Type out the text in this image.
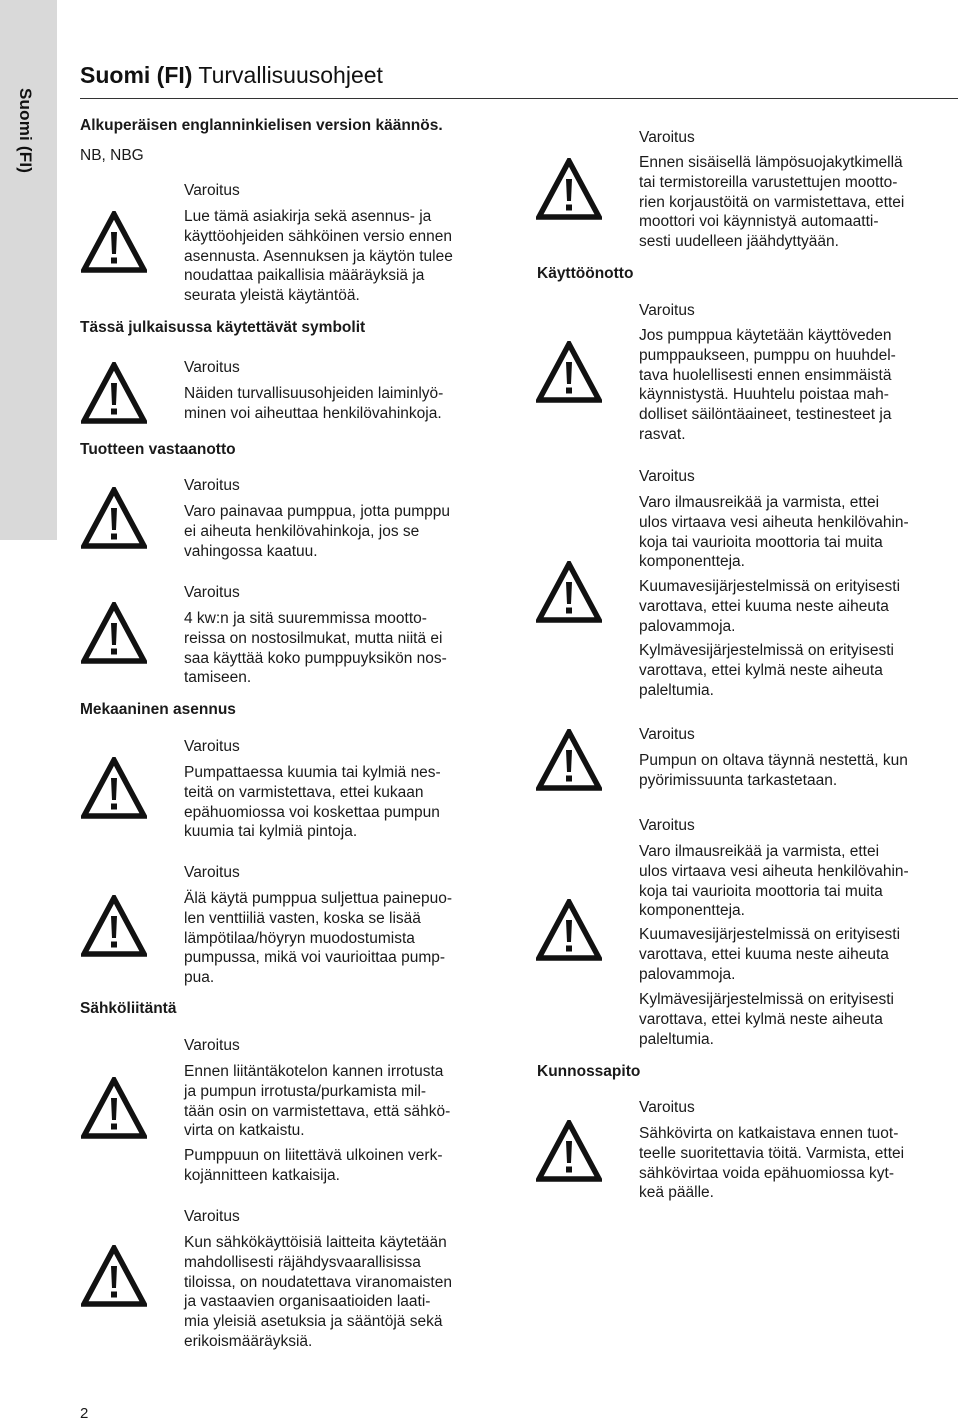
Suomi (FI)
Suomi (FI) Turvallisuusohjeet
Alkuperäisen englanninkielisen version käännös.
NB, NBG
Varoitus
Lue tämä asiakirja sekä asennus- ja
käyttöohjeiden sähköinen versio ennen
asennusta. Asennuksen ja käytön tulee
noudattaa paikallisia määräyksiä ja
seurata yleistä käytäntöä.
Tässä julkaisussa käytettävät symbolit
Varoitus
Näiden turvallisuusohjeiden laiminlyö-
minen voi aiheuttaa henkilövahinkoja.
Tuotteen vastaanotto
Varoitus
Varo painavaa pumppua, jotta pumppu
ei aiheuta henkilövahinkoja, jos se
vahingossa kaatuu.
Varoitus
4 kw:n ja sitä suuremmissa mootto-
reissa on nostosilmukat, mutta niitä ei
saa käyttää koko pumppuyksikön nos-
tamiseen.
Mekaaninen asennus
Varoitus
Pumpattaessa kuumia tai kylmiä nes-
teitä on varmistettava, ettei kukaan
epähuomiossa voi koskettaa pumpun
kuumia tai kylmiä pintoja.
Varoitus
Älä käytä pumppua suljettua painepuo-
len venttiiliä vasten, koska se lisää
lämpötilaa/höyryn muodostumista
pumpussa, mikä voi vaurioittaa pump-
pua.
Sähköliitäntä
Varoitus
Ennen liitäntäkotelon kannen irrotusta
ja pumpun irrotusta/purkamista mil-
tään osin on varmistettava, että sähkö-
virta on katkaistu.
Pumppuun on liitettävä ulkoinen verk-
kojännitteen katkaisija.
Varoitus
Kun sähkökäyttöisiä laitteita käytetään
mahdollisesti räjähdysvaarallisissa
tiloissa, on noudatettava viranomaisten
ja vastaavien organisaatioiden laati-
mia yleisiä asetuksia ja sääntöjä sekä
erikoismääräyksiä.
Varoitus
Ennen sisäisellä lämpösuojakytkimellä
tai termistoreilla varustettujen moottо-
rien korjaustöitä on varmistettava, ettei
moottori voi käynnistyä automaatti-
sesti uudelleen jäähdyttyään.
Käyttöönotto
Varoitus
Jos pumppua käytetään käyttöveden
pumppaukseen, pumppu on huuhdel-
tava huolellisesti ennen ensimmäistä
käynnistystä. Huuhtelu poistaa mah-
dolliset säilöntäaineet, testinesteet ja
rasvat.
Varoitus
Varo ilmausreikää ja varmista, ettei
ulos virtaava vesi aiheuta henkilövahin-
koja tai vaurioita moottoria tai muita
komponentteja.
Kuumavesijärjestelmissä on erityisesti
varottava, ettei kuuma neste aiheuta
palovammoja.
Kylmävesijärjestelmissä on erityisesti
varottava, ettei kylmä neste aiheuta
paleltumia.
Varoitus
Pumpun on oltava täynnä nestettä, kun
pyörimissuunta tarkastetaan.
Varoitus
Varo ilmausreikää ja varmista, ettei
ulos virtaava vesi aiheuta henkilövahin-
koja tai vaurioita moottoria tai muita
komponentteja.
Kuumavesijärjestelmissä on erityisesti
varottava, ettei kuuma neste aiheuta
palovammoja.
Kylmävesijärjestelmissä on erityisesti
varottava, ettei kylmä neste aiheuta
paleltumia.
Kunnossapito
Varoitus
Sähkövirta on katkaistava ennen tuot-
teelle suoritettavia töitä. Varmista, ettei
sähkövirtaa voida epähuomiossa kyt-
keä päälle.
2
